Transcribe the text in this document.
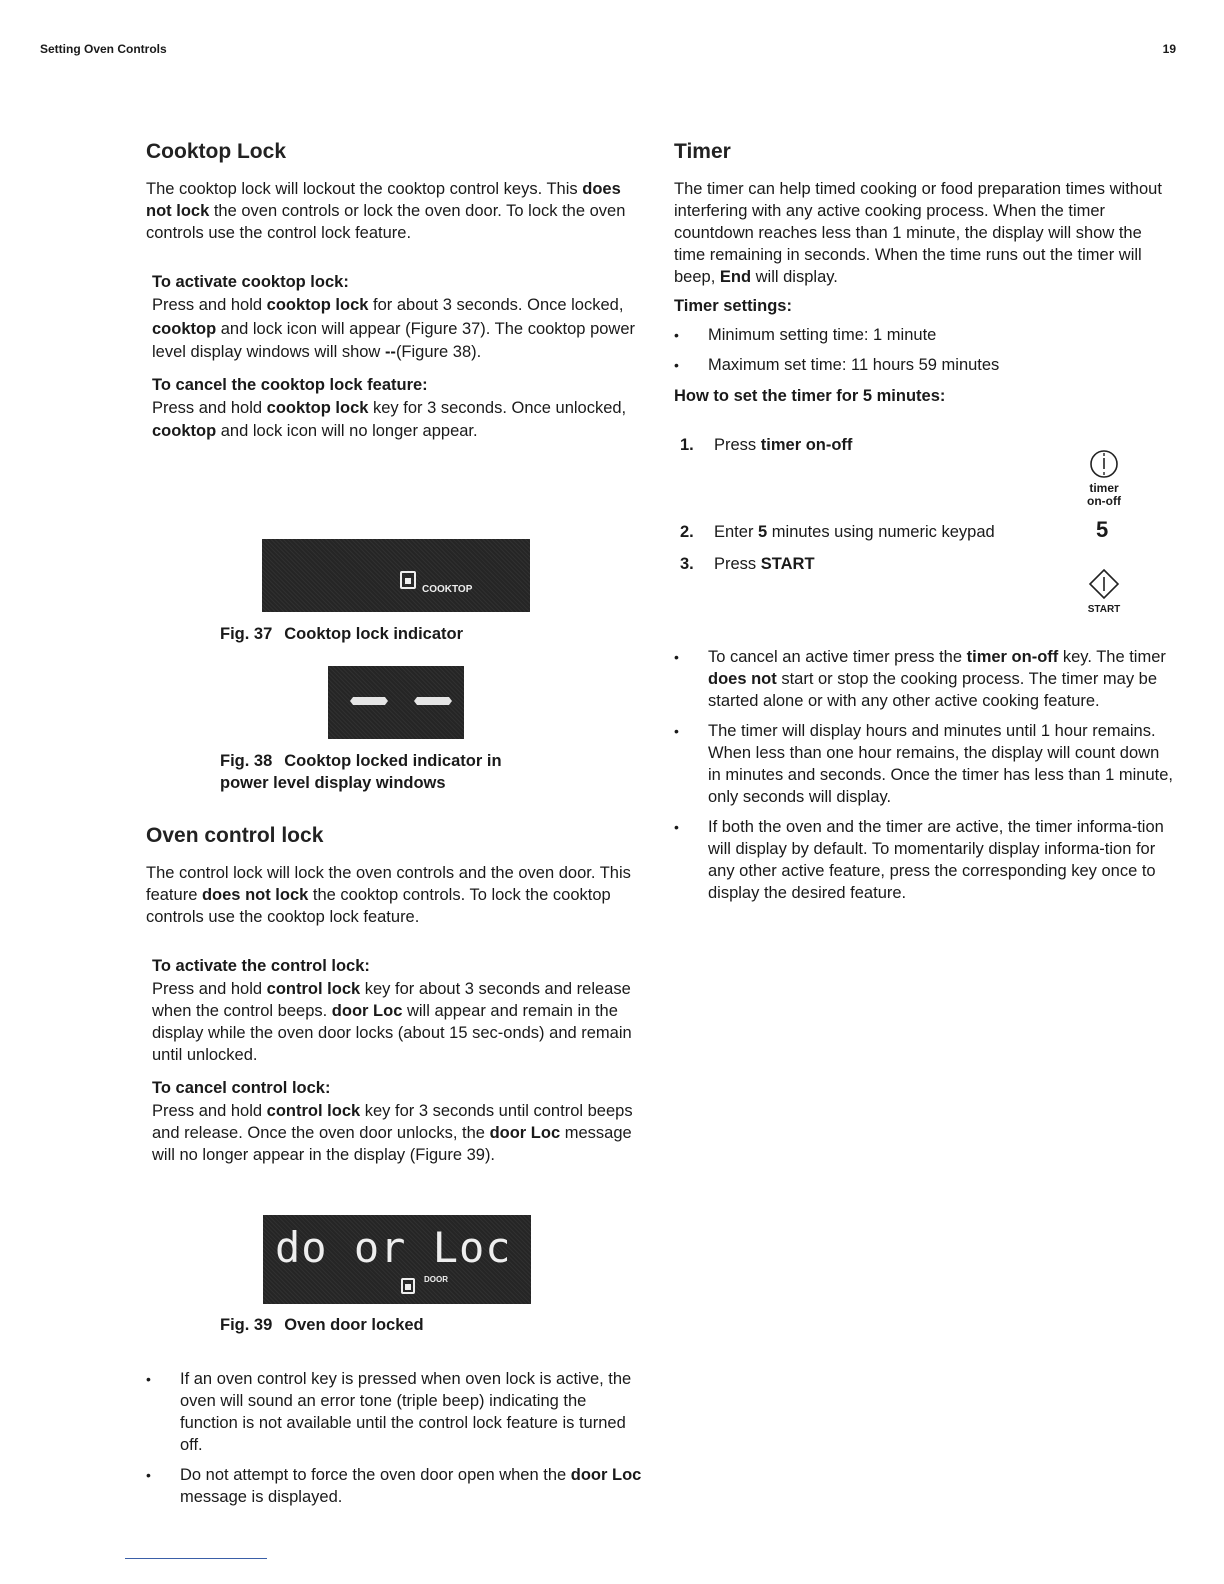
Setting Oven Controls	19
Cooktop Lock

The cooktop lock will lockout the cooktop control keys. This does not lock the oven controls or lock the oven door. To lock the oven controls use the control lock feature.

To activate cooktop lock:

Press and hold cooktop lock for about 3 seconds. Once locked, cooktop and lock icon will appear (Figure 37). The cooktop power level display windows will show --(Figure 38).

To cancel the cooktop lock feature:

Press and hold cooktop lock key for 3 seconds. Once unlocked, cooktop and lock icon will no longer appear.

COOKTOP
Fig. 37 Cooktop lock indicator
Fig. 38 Cooktop locked indicator in
power level display windows
Oven control lock

The control lock will lock the oven controls and the oven door. This feature does not lock the cooktop controls. To lock the cooktop controls use the cooktop lock feature.

To activate the control lock:

Press and hold control lock key for about 3 seconds and release when the control beeps. door Loc will appear and remain in the display while the oven door locks (about 15 sec-onds) and remain until unlocked.

To cancel control lock:

Press and hold control lock key for 3 seconds until control beeps and release. Once the oven door unlocks, the door Loc message will no longer appear in the display (Figure 39).

do or Loc
DOOR
Fig. 39 Oven door locked
• If an oven control key is pressed when oven lock is active, the oven will sound an error tone (triple beep) indicating the function is not available until the control lock feature is turned off.
• Do not attempt to force the oven door open when the door Loc message is displayed.
Timer

The timer can help timed cooking or food preparation times without interfering with any active cooking process. When the timer countdown reaches less than 1 minute, the display will show the time remaining in seconds. When the time runs out the timer will beep, End will display.

Timer settings:
• Minimum setting time: 1 minute
• Maximum set time: 11 hours 59 minutes
How to set the timer for 5 minutes:
1. Press timer on-off
2. Enter 5 minutes using numeric keypad
3. Press START
timer
on-off
5
START
• To cancel an active timer press the timer on-off key. The timer does not start or stop the cooking process. The timer may be started alone or with any other active cooking feature.
• The timer will display hours and minutes until 1 hour remains. When less than one hour remains, the display will count down in minutes and seconds. Once the timer has less than 1 minute, only seconds will display.
• If both the oven and the timer are active, the timer informa-tion will display by default. To momentarily display informa-tion for any other active feature, press the corresponding key once to display the desired feature.
